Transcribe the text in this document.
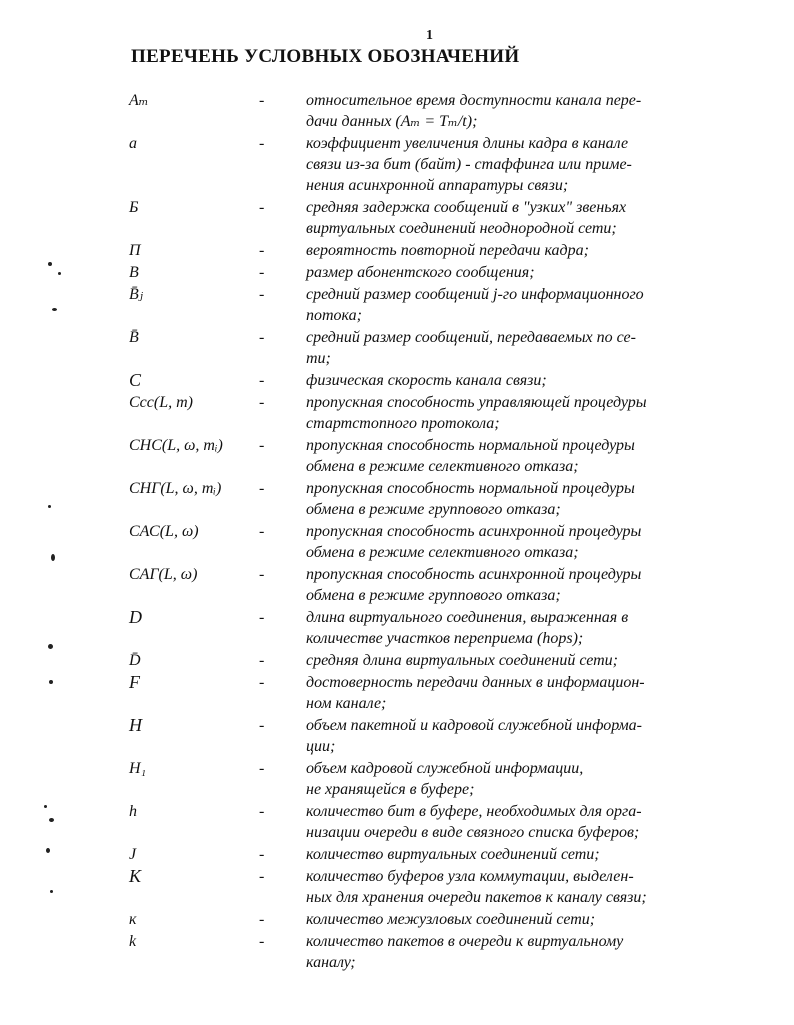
1
ПЕРЕЧЕНЬ УСЛОВНЫХ ОБОЗНАЧЕНИЙ
Aₘ	-	относительное время доступности канала пере-
дачи данных (Aₘ = Tₘ/t);
a	-	коэффициент увеличения длины кадра в канале
связи из-за бит (байт) - стаффинга или приме-
нения асинхронной аппаратуры связи;
Б	-	средняя задержка сообщений в "узких" звеньях
виртуальных соединений неоднородной сети;
П	-	вероятность повторной передачи кадра;
B	-	размер абонентского сообщения;
B̄ⱼ	-	средний размер сообщений j-го информационного
потока;
B̄	-	средний размер сообщений, передаваемых по се-
ти;
C	-	физическая скорость канала связи;
Ccc(L, m)	-	пропускная способность управляющей процедуры
стартстопного протокола;
CНС(L, ω, mᵢ)	-	пропускная способность нормальной процедуры
обмена в режиме селективного отказа;
CНГ(L, ω, mᵢ)	-	пропускная способность нормальной процедуры
обмена в режиме группового отказа;
CАС(L, ω)	-	пропускная способность асинхронной процедуры
обмена в режиме селективного отказа;
CАГ(L, ω)	-	пропускная способность асинхронной процедуры
обмена в режиме группового отказа;
D	-	длина виртуального соединения, выраженная в
количестве участков переприема (hops);
D̄	-	средняя длина виртуальных соединений сети;
F	-	достоверность передачи данных в информацион-
ном канале;
H	-	объем пакетной и кадровой служебной информа-
ции;
H₁	-	объем кадровой служебной информации,
не хранящейся в буфере;
h	-	количество бит в буфере, необходимых для орга-
низации очереди в виде связного списка буферов;
J	-	количество виртуальных соединений сети;
K	-	количество буферов узла коммутации, выделен-
ных для хранения очереди пакетов к каналу связи;
к	-	количество межузловых соединений сети;
k	-	количество пакетов в очереди к виртуальному
каналу;
